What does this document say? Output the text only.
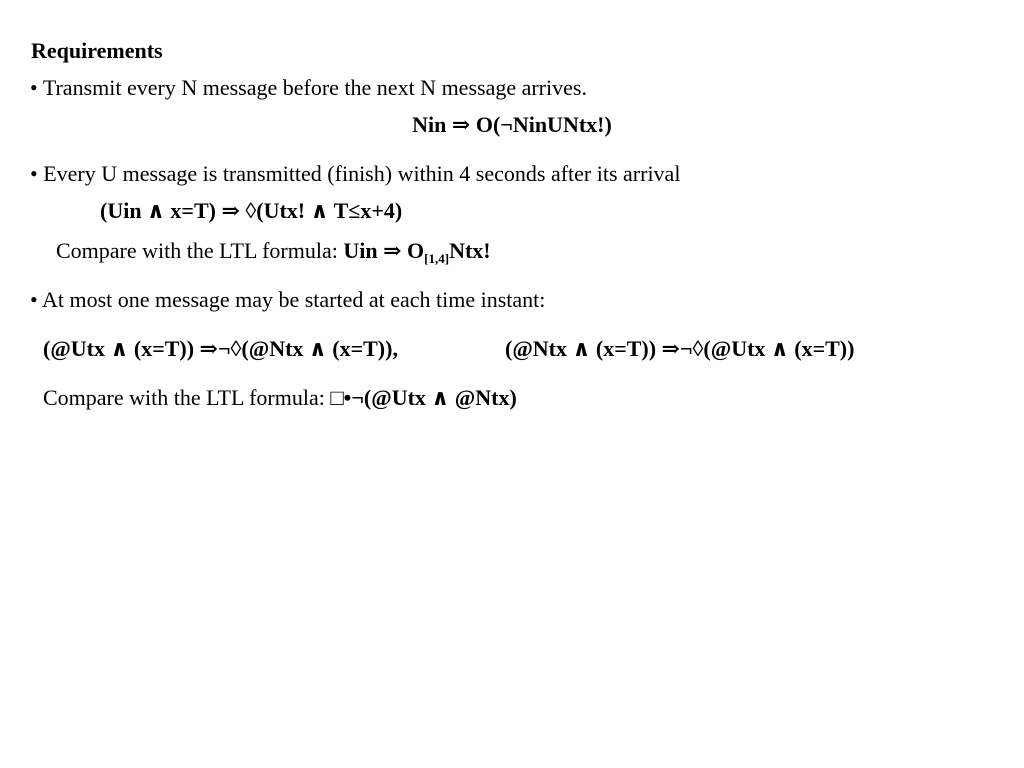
Requirements
• Transmit every N message before the next N message arrives.
Nin ⇒ O(¬NinUNtx!)
• Every U message is transmitted (finish) within 4 seconds after its arrival
(Uin ∧ x=T) ⇒ ◊(Utx! ∧ T≤x+4)
Compare with the LTL formula: Uin ⇒ $O_{[1,4]}Ntx$!
• At most one message may be started at each time instant:
(@Utx ∧ (x=T)) ⇒¬◊(@Ntx ∧ (x=T)),	(@Ntx ∧ (x=T)) ⇒¬◊(@Utx ∧ (x=T))
Compare with the LTL formula: □•¬(@Utx ∧ @Ntx)
